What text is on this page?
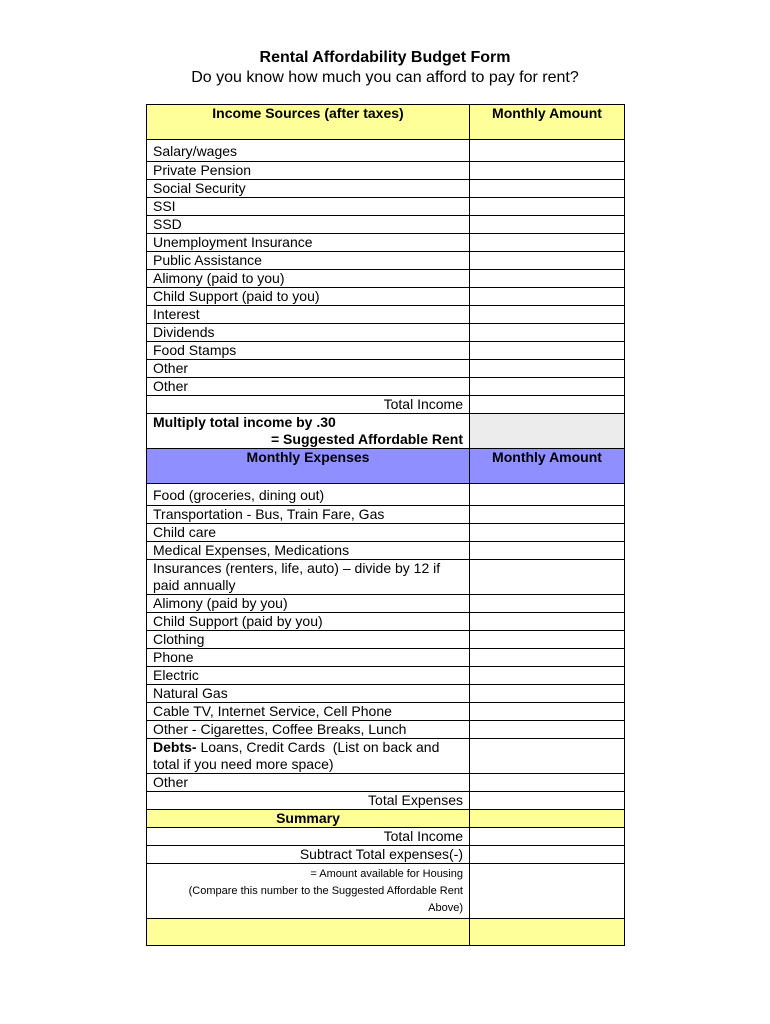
Rental Affordability Budget Form
Do you know how much you can afford to pay for rent?
Income Sources (after taxes)	Monthly Amount
Salary/wages	
Private Pension	
Social Security	
SSI	
SSD	
Unemployment Insurance	
Public Assistance	
Alimony (paid to you)	
Child Support (paid to you)	
Interest	
Dividends	
Food Stamps	
Other	
Other	
Total Income	

Multiply total income by .30
= Suggested Affordable Rent	

Monthly Expenses	Monthly Amount
Food (groceries, dining out)	
Transportation - Bus, Train Fare, Gas	
Child care	
Medical Expenses, Medications	
Insurances (renters, life, auto) – divide by 12 if paid annually	
Alimony (paid by you)	
Child Support (paid by you)	
Clothing	
Phone	
Electric	
Natural Gas	
Cable TV, Internet Service, Cell Phone	
Other - Cigarettes, Coffee Breaks, Lunch	
Debts- Loans, Credit Cards  (List on back and total if you need more space)	
Other	
Total Expenses	
Summary	
Total Income	
Subtract Total expenses(-)	

= Amount available for Housing
(Compare this number to the Suggested Affordable Rent Above)	
